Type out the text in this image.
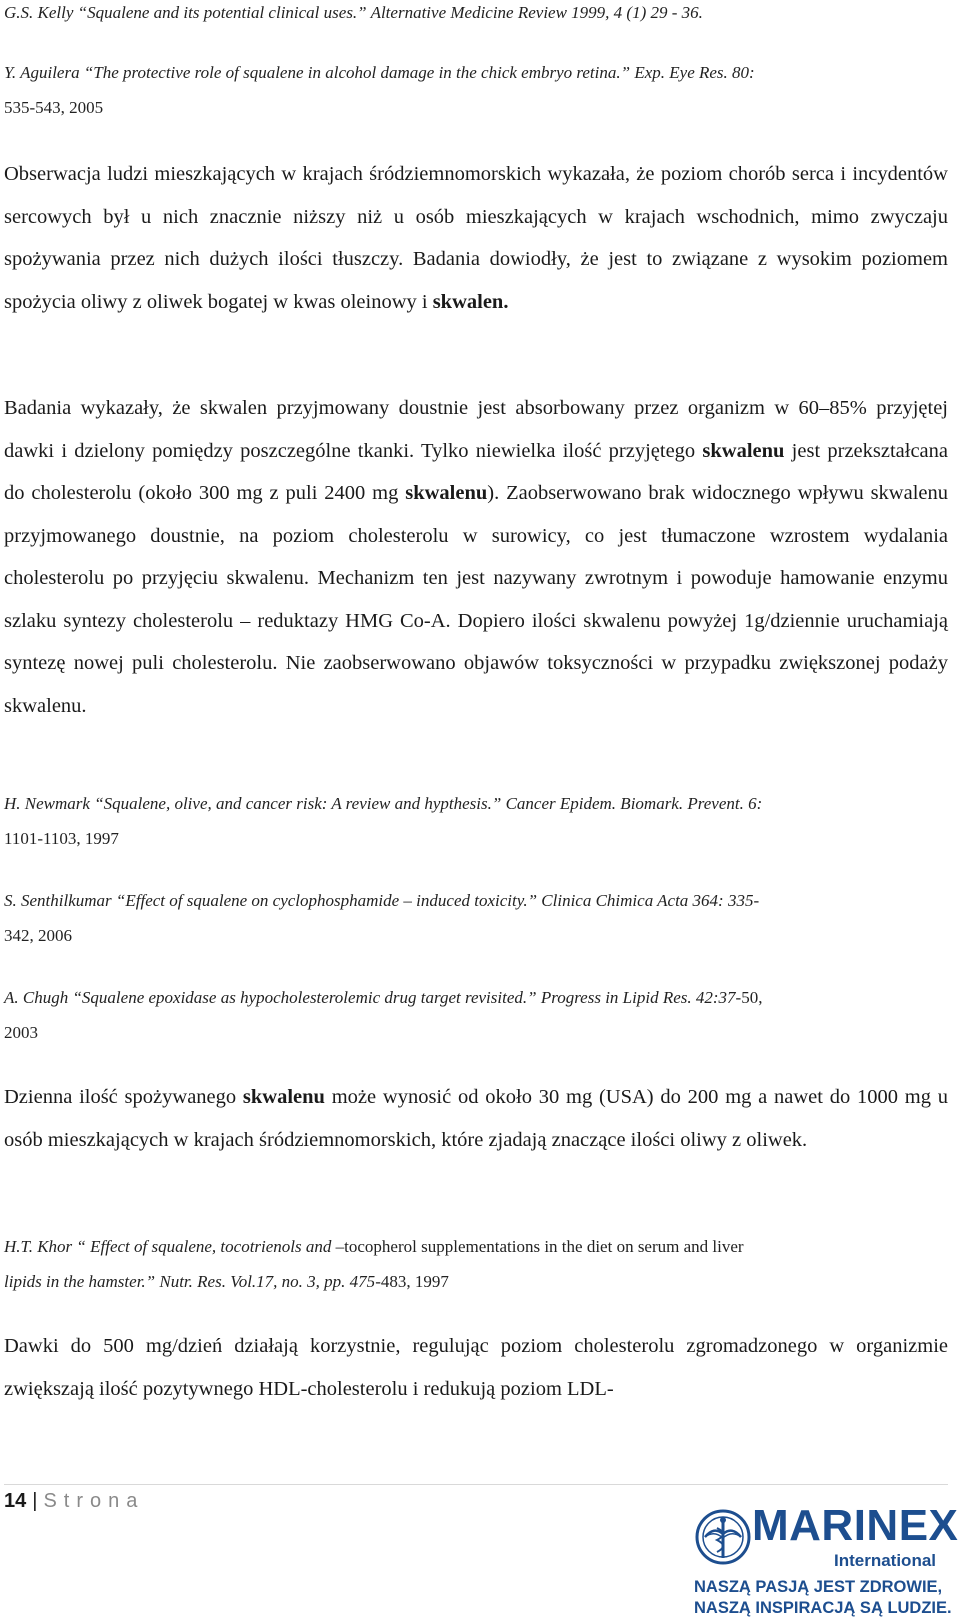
G.S. Kelly “Squalene and its potential clinical uses.” Alternative Medicine Review 1999, 4 (1) 29 - 36.

Y. Aguilera “The protective role of squalene in alcohol damage in the chick embryo retina.” Exp. Eye Res. 80:
535-543, 2005

Obserwacja ludzi mieszkających w krajach śródziemnomorskich wykazała, że poziom chorób serca i incydentów sercowych był u nich znacznie niższy niż u osób mieszkających w krajach wschodnich, mimo zwyczaju spożywania przez nich dużych ilości tłuszczy. Badania dowiodły, że jest to związane z wysokim poziomem spożycia oliwy z oliwek bogatej w kwas oleinowy i skwalen.

Badania wykazały, że skwalen przyjmowany doustnie jest absorbowany przez organizm w 60–85% przyjętej dawki i dzielony pomiędzy poszczególne tkanki. Tylko niewielka ilość przyjętego skwalenu jest przekształcana do cholesterolu (około 300 mg z puli 2400 mg skwalenu). Zaobserwowano brak widocznego wpływu skwalenu przyjmowanego doustnie, na poziom cholesterolu w surowicy, co jest tłumaczone wzrostem wydalania cholesterolu po przyjęciu skwalenu. Mechanizm ten jest nazywany zwrotnym i powoduje hamowanie enzymu szlaku syntezy cholesterolu – reduktazy HMG Co-A. Dopiero ilości skwalenu powyżej 1g/dziennie uruchamiają syntezę nowej puli cholesterolu. Nie zaobserwowano objawów toksyczności w przypadku zwiększonej podaży skwalenu.

H. Newmark “Squalene, olive, and cancer risk: A review and hypthesis.” Cancer Epidem. Biomark. Prevent. 6:
1101-1103, 1997

S. Senthilkumar “Effect of squalene on cyclophosphamide – induced toxicity.” Clinica Chimica Acta 364: 335-
342, 2006

A. Chugh “Squalene epoxidase as hypocholesterolemic drug target revisited.” Progress in Lipid Res. 42:37-50,
2003

Dzienna ilość spożywanego skwalenu może wynosić od około 30 mg (USA) do 200 mg a nawet do 1000 mg u osób mieszkających w krajach śródziemnomorskich, które zjadają znaczące ilości oliwy z oliwek.

H.T. Khor “ Effect of squalene, tocotrienols and –tocopherol supplementations in the diet on serum and liver
lipids in the hamster.” Nutr. Res. Vol.17, no. 3, pp. 475-483, 1997

Dawki do 500 mg/dzień działają korzystnie, regulując poziom cholesterolu zgromadzonego w organizmie zwiększają ilość pozytywnego HDL-cholesterolu i redukują poziom LDL-

14 | Strona	MARINEX
International
NASZĄ PASJĄ JEST ZDROWIE,
NASZĄ INSPIRACJĄ SĄ LUDZIE.
